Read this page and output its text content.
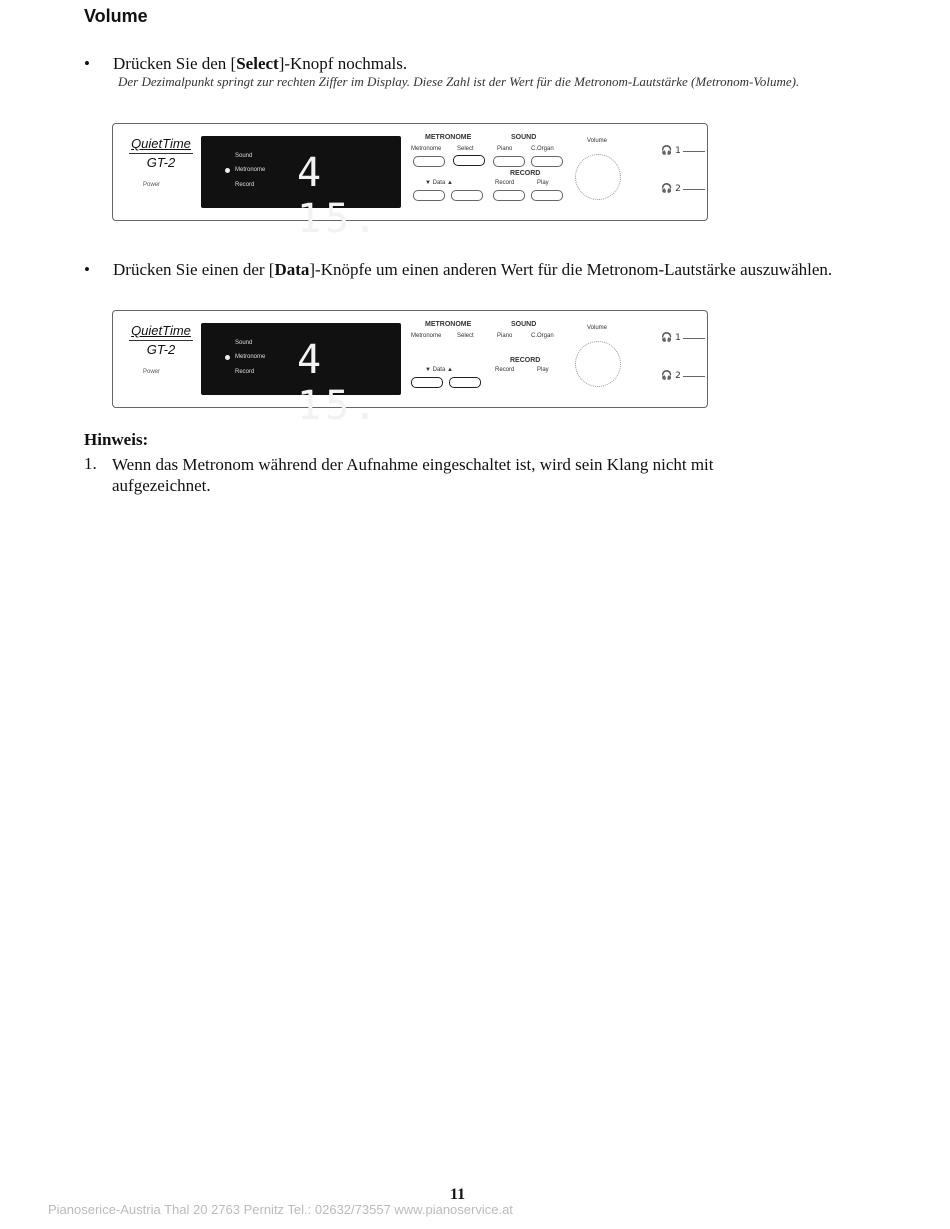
Volume
• Drücken Sie den [Select]-Knopf nochmals.
Der Dezimalpunkt springt zur rechten Ziffer im Display. Diese Zahl ist der Wert für die Metronom-Lautstärke (Metronom-Volume).
QuietTime
GT-2
Power
Sound
Metronome
Record 4 15.
METRONOME	SOUND
Metronome	Select	Piano	C.Organ
▼ Data ▲
RECORD
Record	Play
Volume
🎧 1
🎧 2
• Drücken Sie einen der [Data]-Knöpfe um einen anderen Wert für die Metronom-Lautstärke auszuwählen.
QuietTime
GT-2
Power
Sound
Metronome
Record 4 15.
METRONOME	SOUND
Metronome	Select	Piano	C.Organ
▼ Data ▲
RECORD
Record	Play
Volume
🎧 1
🎧 2
Hinweis:
1. Wenn das Metronom während der Aufnahme eingeschaltet ist, wird sein Klang nicht mit aufgezeichnet.
11
Pianoserice-Austria Thal 20 2763 Pernitz Tel.: 02632/73557 www.pianoservice.at
